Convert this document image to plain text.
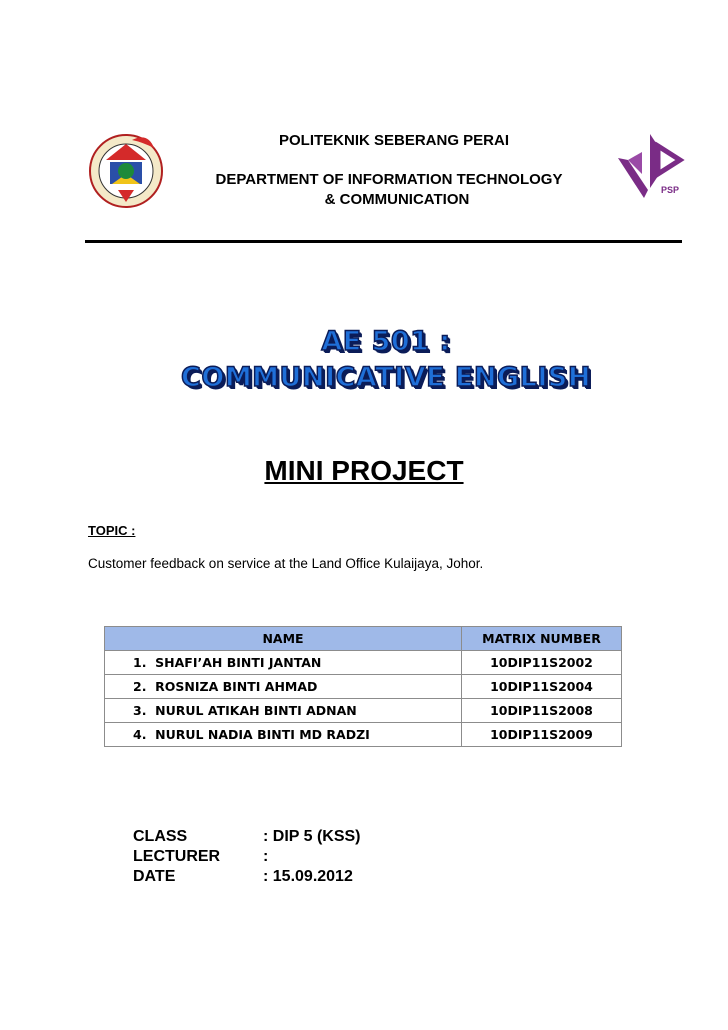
PSP
POLITEKNIK SEBERANG PERAI
DEPARTMENT OF INFORMATION TECHNOLOGY
& COMMUNICATION
AE 501 :
COMMUNICATIVE ENGLISH
MINI PROJECT
TOPIC :
Customer feedback on service at the Land Office Kulaijaya, Johor.
NAME	MATRIX NUMBER
1. SHAFI’AH BINTI JANTAN	10DIP11S2002
2. ROSNIZA BINTI AHMAD	10DIP11S2004
3. NURUL ATIKAH BINTI ADNAN	10DIP11S2008
4. NURUL NADIA BINTI MD RADZI	10DIP11S2009
CLASS	: DIP 5 (KSS)
LECTURER	:
DATE	: 15.09.2012
